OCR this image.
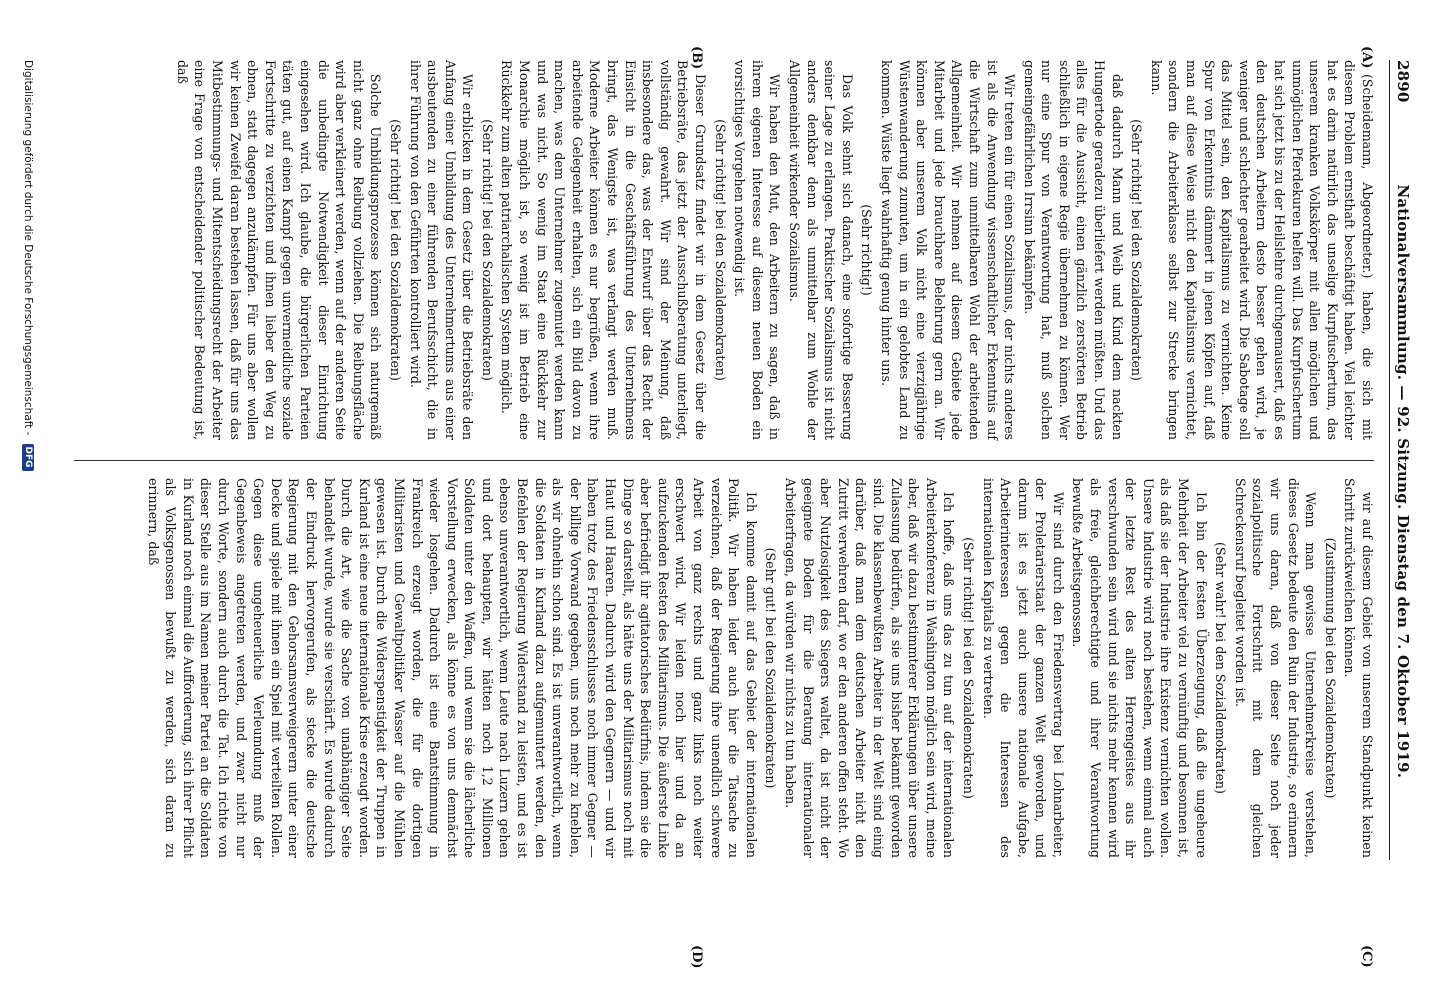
2890
Nationalversammlung. — 92. Sitzung. Dienstag den 7. Oktober 1919.
(A)
(B)
(C)
(D)

(Scheidemann, Abgeordneter.) haben, die sich mit diesem Problem ernsthaft beschäftigt haben. Viel leichter hat es darin natürlich das unselige Kurpfuschertum, das unserem kranken Volkskörper mit allen möglichen und unmöglichen Pferdekuren helfen will. Das Kurpfuschertum hat sich jetzt bis zu der Heilslehre durchgemausert, daß es den deutschen Arbeitern desto besser gehen wird, je weniger und schlechter gearbeitet wird. Die Sabotage soll das Mittel sein, den Kapitalismus zu vernichten. Keine Spur von Erkenntnis dämmert in jenen Köpfen auf, daß man auf diese Weise nicht den Kapitalismus vernichtet, sondern die Arbeiterklasse selbst zur Strecke bringen kann.

(Sehr richtig! bei den Sozialdemokraten)

daß dadurch Mann und Weib und Kind dem nackten Hungertode geradezu überliefert werden müßten. Und das alles für die Aussicht, einen gänzlich zerstörten Betrieb schließlich in eigene Regie übernehmen zu können. Wer nur eine Spur von Verantwortung hat, muß solchen gemeingefährlichen Irrsinn bekämpfen.

Wir treten ein für einen Sozialismus, der nichts anderes ist als die Anwendung wissenschaftlicher Erkenntnis auf die Wirtschaft zum unmittelbaren Wohl der arbeitenden Allgemeinheit. Wir nehmen auf diesem Gebiete jede Mitarbeit und jede brauchbare Belehrung gern an. Wir können aber unserem Volk nicht eine vierzigjährige Wüstenwanderung zumuten, um in ein gelobtes Land zu kommen. Wüste liegt wahrhaftig genug hinter uns.

(Sehr richtig!)

Das Volk sehnt sich danach, eine sofortige Besserung seiner Lage zu erlangen. Praktischer Sozialismus ist nicht anders denkbar denn als unmittelbar zum Wohle der Allgemeinheit wirkender Sozialismus.

Wir haben den Mut, den Arbeitern zu sagen, daß in ihrem eigenen Interesse auf diesem neuen Boden ein vorsichtiges Vorgehen notwendig ist.

(Sehr richtig! bei den Sozialdemokraten)

Dieser Grundsatz findet wir in dem Gesetz über die Betriebsräte, das jetzt der Ausschußberatung unterliegt, vollständig gewahrt. Wir sind der Meinung, daß insbesondere das, was der Entwurf über das Recht der Einsicht in die Geschäftsführung des Unternehmens bringt, das Wenigste ist, was verlangt werden muß. Moderne Arbeiter können es nur begrüßen, wenn ihre arbeitende Gelegenheit erhalten, sich ein Bild davon zu machen, was dem Unternehmer zugemutet werden kann und was nicht. So wenig im Staat eine Rückkehr zur Monarchie möglich ist, so wenig ist im Betrieb eine Rückkehr zum alten patriarchalischen System möglich.

(Sehr richtig! bei den Sozialdemokraten)

Wir erblicken in dem Gesetz über die Betriebsräte den Anfang einer Umbildung des Unternehmertums aus einer ausbeutenden zu einer führenden Berufsschicht, die in ihrer Führung von den Geführten kontrolliert wird.

(Sehr richtig! bei den Sozialdemokraten)

Solche Umbildungsprozesse können sich naturgemäß nicht ganz ohne Reibung vollziehen. Die Reibungsfläche wird aber verkleinert werden, wenn auf der anderen Seite die unbedingte Notwendigkeit dieser Einrichtung eingesehen wird. Ich glaube, die bürgerlichen Parteien täten gut, auf einen Kampf gegen unvermeidliche soziale Fortschritte zu verzichten und ihnen lieber den Weg zu ebnen, statt dagegen anzukämpfen. Für uns aber wollen wir keinen Zweifel daran bestehen lassen, daß für uns das Mitbestimmungs- und Mitentscheidungsrecht der Arbeiter eine Frage von entscheidender politischer Bedeutung ist, daß

wir auf diesem Gebiet von unserem Standpunkt keinen Schritt zurückweichen können.

(Zustimmung bei den Sozialdemokraten)

Wenn man gewisse Unternehmerkreise verstehen, dieses Gesetz bedeute den Ruin der Industrie, so erinnern wir uns daran, daß von dieser Seite noch jeder sozialpolitische Fortschritt mit dem gleichen Schreckensruf begleitet worden ist.

(Sehr wahr! bei den Sozialdemokraten)

Ich bin der festen Überzeugung, daß die ungeheure Mehrheit der Arbeiter viel zu vernünftig und besonnen ist, als daß sie der Industrie ihre Existenz vernichten wollen. Unsere Industrie wird noch bestehen, wenn einmal auch der letzte Rest des alten Herrengeistes aus ihr verschwunden sein wird und sie nichts mehr kennen wird als freie, gleichberechtigte und ihrer Verantwortung bewußte Arbeitsgenossen.

Wir sind durch den Friedensvertrag bei Lohnarbeiter, der Proletarierstaat der ganzen Welt geworden, und darum ist es jetzt auch unsere nationale Aufgabe, Arbeiterinteressen gegen die Interessen des internationalen Kapitals zu vertreten.

(Sehr richtig! bei den Sozialdemokraten)

Ich hoffe, daß uns das zu tun auf der internationalen Arbeiterkonferenz in Washington möglich sein wird, meine aber, daß wir dazu bestimmterer Erklärungen über unsere Zulassung bedürfen, als sie uns bisher bekannt geworden sind. Die klassenbewußten Arbeiter in der Welt sind einig darüber, daß man dem deutschen Arbeiter nicht den Zutritt verwehren darf, wo er den anderen offen steht. Wo aber Nutzlosigkeit des Siegers waltet, da ist nicht der geeignete Boden für die Beratung internationaler Arbeiterfragen, da würden wir nichts zu tun haben.

(Sehr gut! bei den Sozialdemokraten)

Ich komme damit auf das Gebiet der internationalen Politik. Wir haben leider auch hier die Tatsache zu verzeichnen, daß der Regierung ihre unendlich schwere Arbeit von ganz rechts und ganz links noch weiter erschwert wird. Wir leiden noch hier und da an aufzuckenden Resten des Militarismus. Die äußerste Linke aber befriedigt ihr agitatorisches Bedürfnis, indem sie die Dinge so darstellt, als hätte uns der Militarismus noch mit Haut und Haaren. Dadurch wird den Gegnern — und wir haben trotz des Friedensschlusses noch immer Gegner — der billige Vorwand gegeben, uns noch mehr zu kneblen, als wir ohnehin schon sind. Es ist unverantwortlich, wenn die Soldaten in Kurland dazu aufgemuntert werden, den Befehlen der Regierung Widerstand zu leisten, und es ist ebenso unverantwortlich, wenn Leute nach Luzern gehen und dort behaupten, wir hätten noch 1,2 Millionen Soldaten unter den Waffen, und wenn sie die lächerliche Vorstellung erwecken, als könne es von uns demnächst wieder losgehen. Dadurch ist eine Bantstimmung in Frankreich erzeugt worden, die für die dortigen Militaristen und Gewaltpolitiker Wasser auf die Mühlen gewesen ist. Durch die Widerspenstigkeit der Truppen in Kurland ist eine neue internationale Krise erzeugt worden. Durch die Art, wie die Sache von unabhängiger Seite behandelt wurde, wurde sie verschärft. Es wurde dadurch der Eindruck hervorgerufen, als stecke die deutsche Regierung mit den Gehorsamsverweigerern unter einer Decke und spiele mit ihnen ein Spiel mit verteilten Rollen. Gegen diese ungeheuerliche Verleumdung muß der Gegenbeweis angetreten werden, und zwar nicht nur durch Worte, sondern auch durch die Tat. Ich richte von dieser Stelle aus im Namen meiner Partei an die Soldaten in Kurland noch einmal die Aufforderung, sich ihrer Pflicht als Volksgenossen bewußt zu werden, sich daran zu erinnern, daß

Digitalisierung gefördert durch die Deutsche Forschungsgemeinschaft -
DFG
